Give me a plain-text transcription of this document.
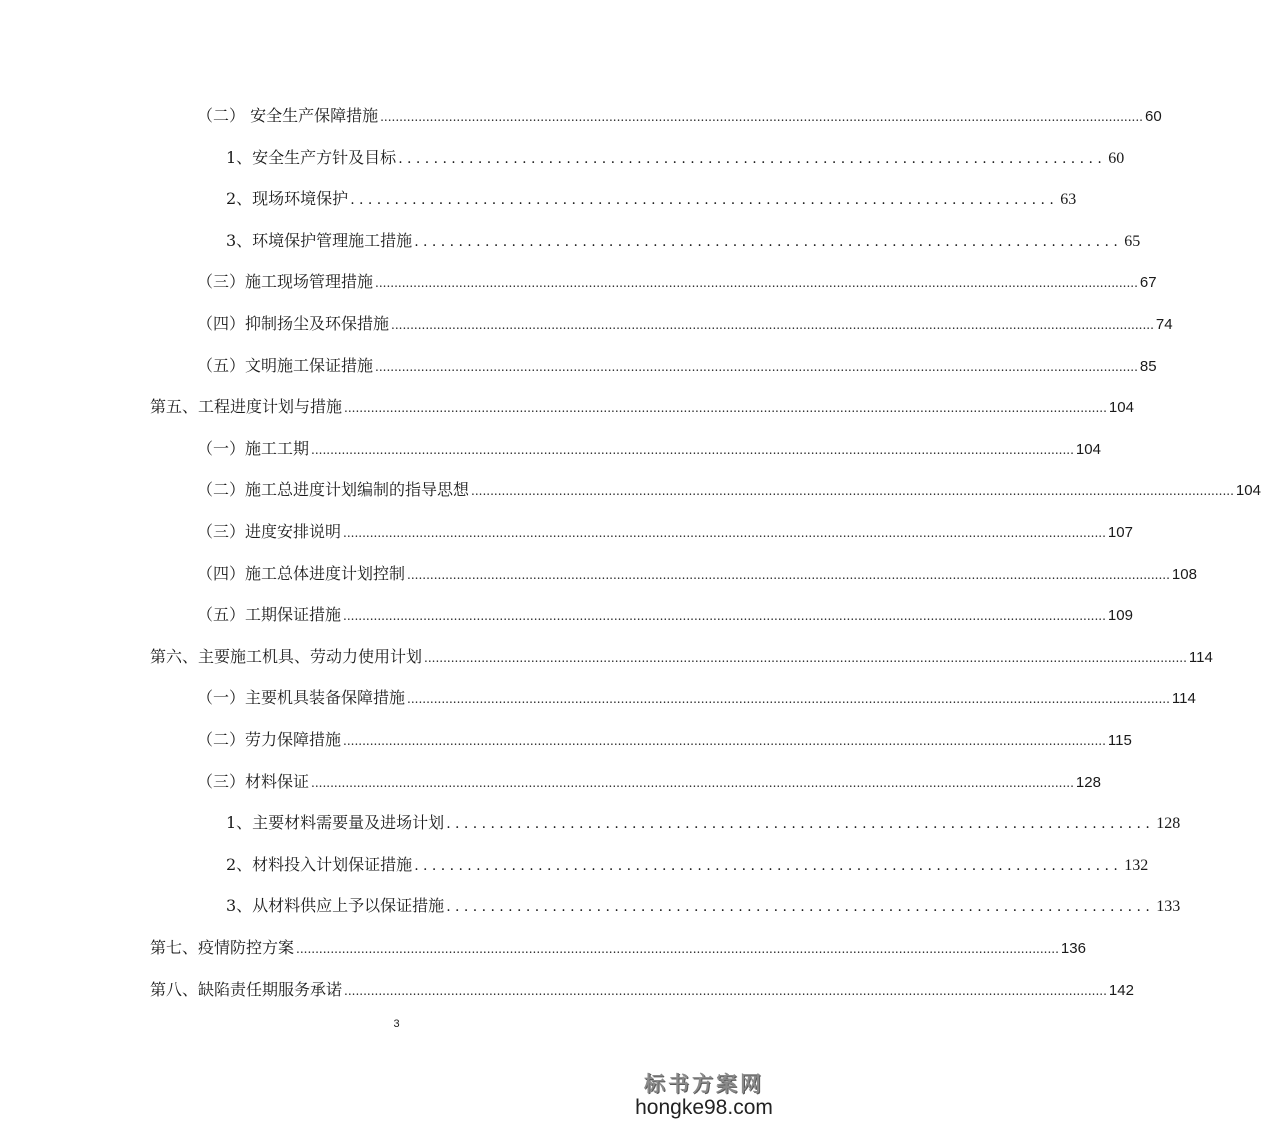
（二） 安全生产保障措施 ........................................................................................................................................................................................................ 60
1、安全生产方针及目标 ................................................................................ 60
2、现场环境保护 ................................................................................ 63
3、环境保护管理施工措施 ................................................................................ 65
（三）施工现场管理措施 ........................................................................................................................................................................................................ 67
（四）抑制扬尘及环保措施 ........................................................................................................................................................................................................ 74
（五）文明施工保证措施 ........................................................................................................................................................................................................ 85
第五、工程进度计划与措施 ........................................................................................................................................................................................................ 104
（一）施工工期 ........................................................................................................................................................................................................ 104
（二）施工总进度计划编制的指导思想 ........................................................................................................................................................................................................ 104
（三）进度安排说明 ........................................................................................................................................................................................................ 107
（四）施工总体进度计划控制 ........................................................................................................................................................................................................ 108
（五）工期保证措施 ........................................................................................................................................................................................................ 109
第六、主要施工机具、劳动力使用计划 ........................................................................................................................................................................................................ 114
（一）主要机具装备保障措施 ........................................................................................................................................................................................................ 114
（二）劳力保障措施 ........................................................................................................................................................................................................ 115
（三）材料保证 ........................................................................................................................................................................................................ 128
1、主要材料需要量及进场计划 ................................................................................ 128
2、材料投入计划保证措施 ................................................................................ 132
3、从材料供应上予以保证措施 ................................................................................ 133
第七、疫情防控方案 ........................................................................................................................................................................................................ 136
第八、缺陷责任期服务承诺 ........................................................................................................................................................................................................ 142
3
标书方案网
hongke98.com
